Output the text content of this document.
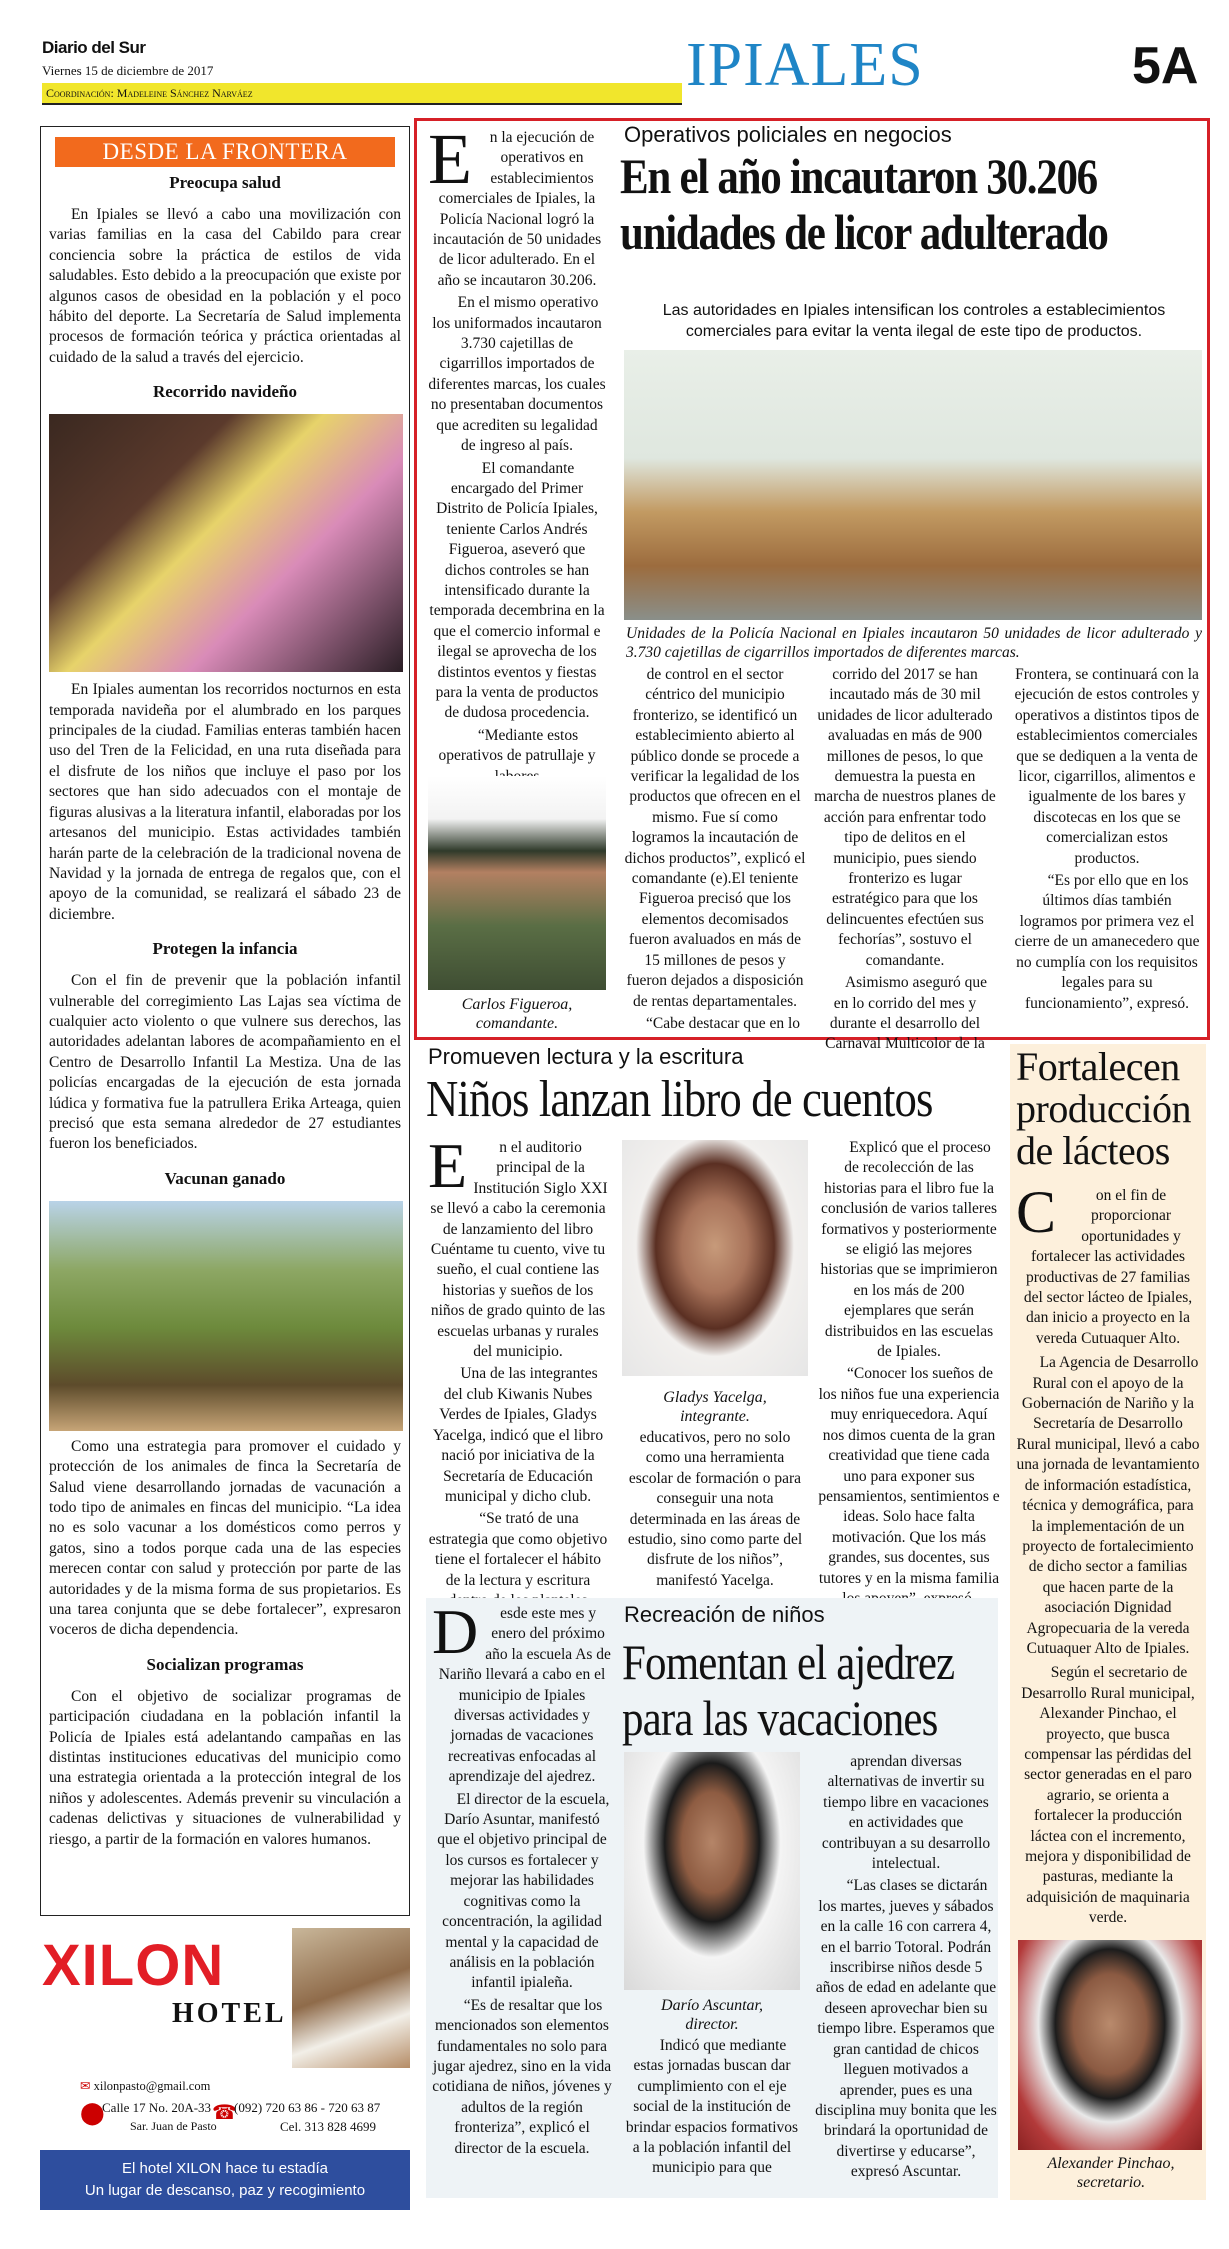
Diario del Sur
Viernes 15 de diciembre de 2017
Coordinación: Madeleine Sánchez Narváez	IPIALES	5A
DESDE LA FRONTERA
Preocupa salud

En Ipiales se llevó a cabo una movilización con varias familias en la casa del Cabildo para crear conciencia sobre la práctica de estilos de vida saludables. Esto debido a la preocupación que existe por algunos casos de obesidad en la población y el poco hábito del deporte. La Secretaría de Salud implementa procesos de formación teórica y práctica orientadas al cuidado de la salud a través del ejercicio.

Recorrido navideño

En Ipiales aumentan los recorridos nocturnos en esta temporada navideña por el alumbrado en los parques principales de la ciudad. Familias enteras también hacen uso del Tren de la Felicidad, en una ruta diseñada para el disfrute de los niños que incluye el paso por los sectores que han sido adecuados con el montaje de figuras alusivas a la literatura infantil, elaboradas por los artesanos del municipio. Estas actividades también harán parte de la celebración de la tradicional novena de Navidad y la jornada de entrega de regalos que, con el apoyo de la comunidad, se realizará el sábado 23 de diciembre.

Protegen la infancia

Con el fin de prevenir que la población infantil vulnerable del corregimiento Las Lajas sea víctima de cualquier acto violento o que vulnere sus derechos, las autoridades adelantan labores de acompañamiento en el Centro de Desarrollo Infantil La Mestiza. Una de las policías encargadas de la ejecución de esta jornada lúdica y formativa fue la patrullera Erika Arteaga, quien precisó que esta semana alrededor de 27 estudiantes fueron los beneficiados.

Vacunan ganado

Como una estrategia para promover el cuidado y protección de los animales de finca la Secretaría de Salud viene desarrollando jornadas de vacunación a todo tipo de animales en fincas del municipio. “La idea no es solo vacunar a los domésticos como perros y gatos, sino a todos porque cada una de las especies merecen contar con salud y protección por parte de las autoridades y de la misma forma de sus propietarios. Es una tarea conjunta que se debe fortalecer”, expresaron voceros de dicha dependencia.

Socializan programas

Con el objetivo de socializar programas de participación ciudadana en la población infantil la Policía de Ipiales está adelantando campañas en las distintas instituciones educativas del municipio como una estrategia orientada a la protección integral de los niños y adolescentes. Además prevenir su vinculación a cadenas delictivas y situaciones de vulnerabilidad y riesgo, a partir de la formación en valores humanos.

XILON
HOTEL
✉ xilonpasto@gmail.com
⬤
Calle 17 No. 20A-33
Sar. Juan de Pasto
☎
(092) 720 63 86 - 720 63 87
Cel. 313 828 4699
El hotel XILON hace tu estadía
Un lugar de descanso, paz y recogimiento
Operativos policiales en negocios
En el año incautaron 30.206 unidades de licor adulterado
Las autoridades en Ipiales intensifican los controles a establecimientos comerciales para evitar la venta ilegal de este tipo de productos.
Unidades de la Policía Nacional en Ipiales incautaron 50 unidades de licor adulterado y 3.730 cajetillas de cigarrillos importados de diferentes marcas.
E	n la ejecución de operativos en establecimientos comerciales de Ipiales, la Policía Nacional logró la incautación de 50 unidades de licor adulterado. En el año se incautaron 30.206.

En el mismo operativo los uniformados incautaron 3.730 cajetillas de cigarrillos importados de diferentes marcas, los cuales no presentaban documentos que acrediten su legalidad de ingreso al país.

El comandante encargado del Primer Distrito de Policía Ipiales, teniente Carlos Andrés Figueroa, aseveró que dichos controles se han intensificado durante la temporada decembrina en la que el comercio informal e ilegal se aprovecha de los distintos eventos y fiestas para la venta de productos de dudosa procedencia.

“Mediante estos operativos de patrullaje y

Carlos Figueroa,
comandante.

de control en el sector céntrico del municipio fronterizo, se identificó un establecimiento abierto al público donde se procede a verificar la legalidad de los productos que ofrecen en el mismo. Fue sí como logramos la incautación de dichos productos”, explicó el comandante (e).El teniente Figueroa precisó que los elementos decomisados fueron avaluados en más de 15 millones de pesos y fueron dejados a disposición de rentas departamentales.

“Cabe destacar que en lo

corrido del 2017 se han incautado más de 30 mil unidades de licor adulterado avaluadas en más de 900 millones de pesos, lo que demuestra la puesta en marcha de nuestros planes de acción para enfrentar todo tipo de delitos en el municipio, pues siendo fronterizo es lugar estratégico para que los delincuentes efectúen sus fechorías”, sostuvo el comandante.

Asimismo aseguró que en lo corrido del mes y durante el desarrollo del Carnaval Multicolor de la

Frontera, se continuará con la ejecución de estos controles y operativos a distintos tipos de establecimientos comerciales que se dediquen a la venta de licor, cigarrillos, alimentos e igualmente de los bares y discotecas en los que se comercializan estos productos.

“Es por ello que en los últimos días también logramos por primera vez el cierre de un amanecedero que no cumplía con los requisitos legales para su funcionamiento”, expresó.

Promueven lectura y la escritura
Niños lanzan libro de cuentos
E	n el auditorio principal de la Institución Siglo XXI se llevó a cabo la ceremonia de lanzamiento del libro Cuéntame tu cuento, vive tu sueño, el cual contiene las historias y sueños de los niños de grado quinto de las escuelas urbanas y rurales del municipio.

Una de las integrantes del club Kiwanis Nubes Verdes de Ipiales, Gladys Yacelga, indicó que el libro nació por iniciativa de la Secretaría de Educación municipal y dicho club.

“Se trató de una estrategia que como objetivo tiene el fortalecer el hábito de la lectura y escritura

Gladys Yacelga,
integrante.

educativos, pero no solo como una herramienta escolar de formación o para conseguir una nota determinada en las áreas de estudio, sino como parte del disfrute de los niños”, manifestó Yacelga.

Explicó que el proceso de recolección de las historias para el libro fue la conclusión de varios talleres formativos y posteriormente se eligió las mejores historias que se imprimieron en los más de 200 ejemplares que serán distribuidos en las escuelas de Ipiales.

“Conocer los sueños de los niños fue una experiencia muy enriquecedora. Aquí nos dimos cuenta de la gran creatividad que tiene cada uno para exponer sus pensamientos, sentimientos e ideas. Solo hace falta motivación. Que los más grandes, sus docentes, sus tutores y en la misma familia

Fortalecen producción de lácteos
C	on el fin de proporcionar oportunidades y fortalecer las actividades productivas de 27 familias del sector lácteo de Ipiales, dan inicio a proyecto en la vereda Cutuaquer Alto.

La Agencia de Desarrollo Rural con el apoyo de la Gobernación de Nariño y la Secretaría de Desarrollo Rural municipal, llevó a cabo una jornada de levantamiento de información estadística, técnica y demográfica, para la implementación de un proyecto de fortalecimiento de dicho sector a familias que hacen parte de la asociación Dignidad Agropecuaria de la vereda Cutuaquer Alto de Ipiales.

Según el secretario de Desarrollo Rural municipal, Alexander Pinchao, el proyecto, que busca compensar las pérdidas del sector generadas en el paro agrario, se orienta a fortalecer la producción láctea con el incremento, mejora y disponibilidad de pasturas, mediante la adquisición de maquinaria verde.

Alexander Pinchao,
secretario.
Recreación de niños
Fomentan el ajedrez para las vacaciones
D	esde este mes y enero del próximo año la escuela As de Nariño llevará a cabo en el municipio de Ipiales diversas actividades y jornadas de vacaciones recreativas enfocadas al aprendizaje del ajedrez.

El director de la escuela, Darío Asuntar, manifestó que el objetivo principal de los cursos es fortalecer y mejorar las habilidades cognitivas como la concentración, la agilidad mental y la capacidad de análisis en la población infantil ipialeña.

“Es de resaltar que los mencionados son elementos fundamentales no solo para jugar ajedrez, sino en la vida cotidiana de niños, jóvenes y adultos de la región fronteriza”, explicó el director de la escuela.

Darío Ascuntar,
director.

Indicó que mediante estas jornadas buscan dar cumplimiento con el eje social de la institución de brindar espacios formativos a la población infantil del municipio para que

aprendan diversas alternativas de invertir su tiempo libre en vacaciones en actividades que contribuyan a su desarrollo intelectual.

“Las clases se dictarán los martes, jueves y sábados en la calle 16 con carrera 4, en el barrio Totoral. Podrán inscribirse niños desde 5 años de edad en adelante que deseen aprovechar bien su tiempo libre. Esperamos que gran cantidad de chicos lleguen motivados a aprender, pues es una disciplina muy bonita que les brindará la oportunidad de divertirse y educarse”, expresó Ascuntar.
